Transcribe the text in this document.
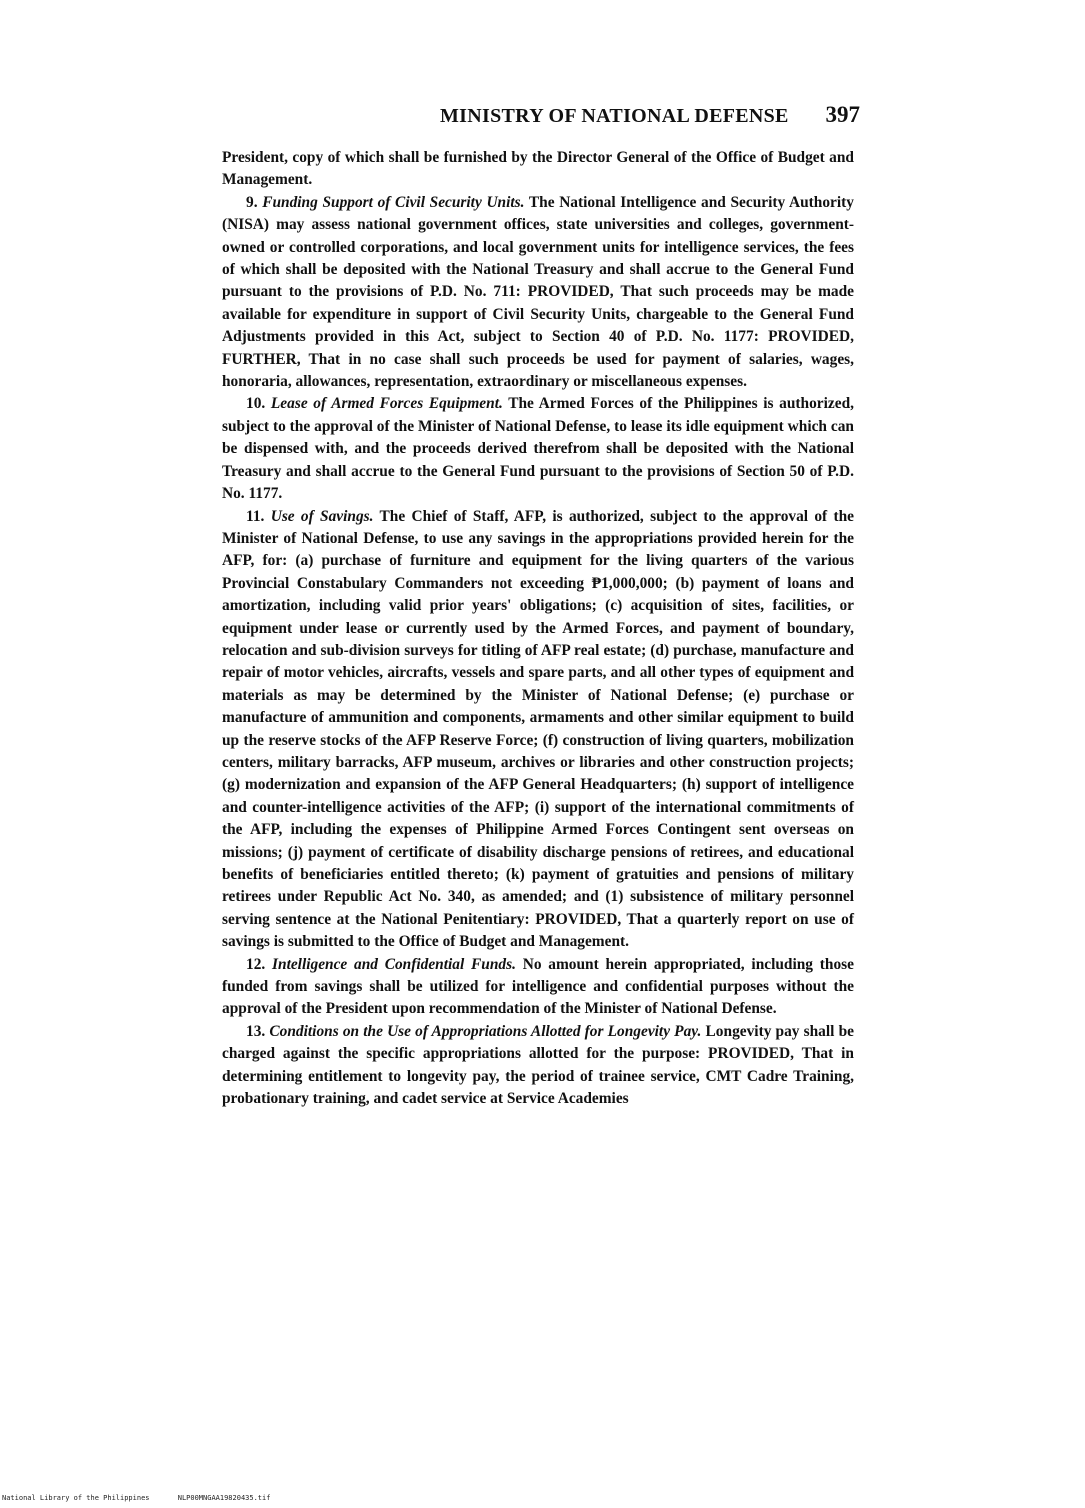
MINISTRY OF NATIONAL DEFENSE 397

President, copy of which shall be furnished by the Director General of the Office of Budget and Management.

9. Funding Support of Civil Security Units. The National Intelligence and Security Authority (NISA) may assess national government offices, state universities and colleges, government-owned or controlled corporations, and local government units for intelligence services, the fees of which shall be deposited with the National Treasury and shall accrue to the General Fund pursuant to the provisions of P.D. No. 711: PROVIDED, That such proceeds may be made available for expenditure in support of Civil Security Units, chargeable to the General Fund Adjustments provided in this Act, subject to Section 40 of P.D. No. 1177: PROVIDED, FURTHER, That in no case shall such proceeds be used for payment of salaries, wages, honoraria, allowances, representation, extraordinary or miscellaneous expenses.

10. Lease of Armed Forces Equipment. The Armed Forces of the Philippines is authorized, subject to the approval of the Minister of National Defense, to lease its idle equipment which can be dispensed with, and the proceeds derived therefrom shall be deposited with the National Treasury and shall accrue to the General Fund pursuant to the provisions of Section 50 of P.D. No. 1177.

11. Use of Savings. The Chief of Staff, AFP, is authorized, subject to the approval of the Minister of National Defense, to use any savings in the appropriations provided herein for the AFP, for: (a) purchase of furniture and equipment for the living quarters of the various Provincial Constabulary Commanders not exceeding ₱1,000,000; (b) payment of loans and amortization, including valid prior years' obligations; (c) acquisition of sites, facilities, or equipment under lease or currently used by the Armed Forces, and payment of boundary, relocation and sub-division surveys for titling of AFP real estate; (d) purchase, manufacture and repair of motor vehicles, aircrafts, vessels and spare parts, and all other types of equipment and materials as may be determined by the Minister of National Defense; (e) purchase or manufacture of ammunition and components, armaments and other similar equipment to build up the reserve stocks of the AFP Reserve Force; (f) construction of living quarters, mobilization centers, military barracks, AFP museum, archives or libraries and other construction projects; (g) modernization and expansion of the AFP General Headquarters; (h) support of intelligence and counter-intelligence activities of the AFP; (i) support of the international commitments of the AFP, including the expenses of Philippine Armed Forces Contingent sent overseas on missions; (j) payment of certificate of disability discharge pensions of retirees, and educational benefits of beneficiaries entitled thereto; (k) payment of gratuities and pensions of military retirees under Republic Act No. 340, as amended; and (1) subsistence of military personnel serving sentence at the National Penitentiary: PROVIDED, That a quarterly report on use of savings is submitted to the Office of Budget and Management.

12. Intelligence and Confidential Funds. No amount herein appropriated, including those funded from savings shall be utilized for intelligence and confidential purposes without the approval of the President upon recommendation of the Minister of National Defense.

13. Conditions on the Use of Appropriations Allotted for Longevity Pay. Longevity pay shall be charged against the specific appropriations allotted for the purpose: PROVIDED, That in determining entitlement to longevity pay, the period of trainee service, CMT Cadre Training, probationary training, and cadet service at Service Academies

National Library of the Philippines	NLP00MNGAA19820435.tif
